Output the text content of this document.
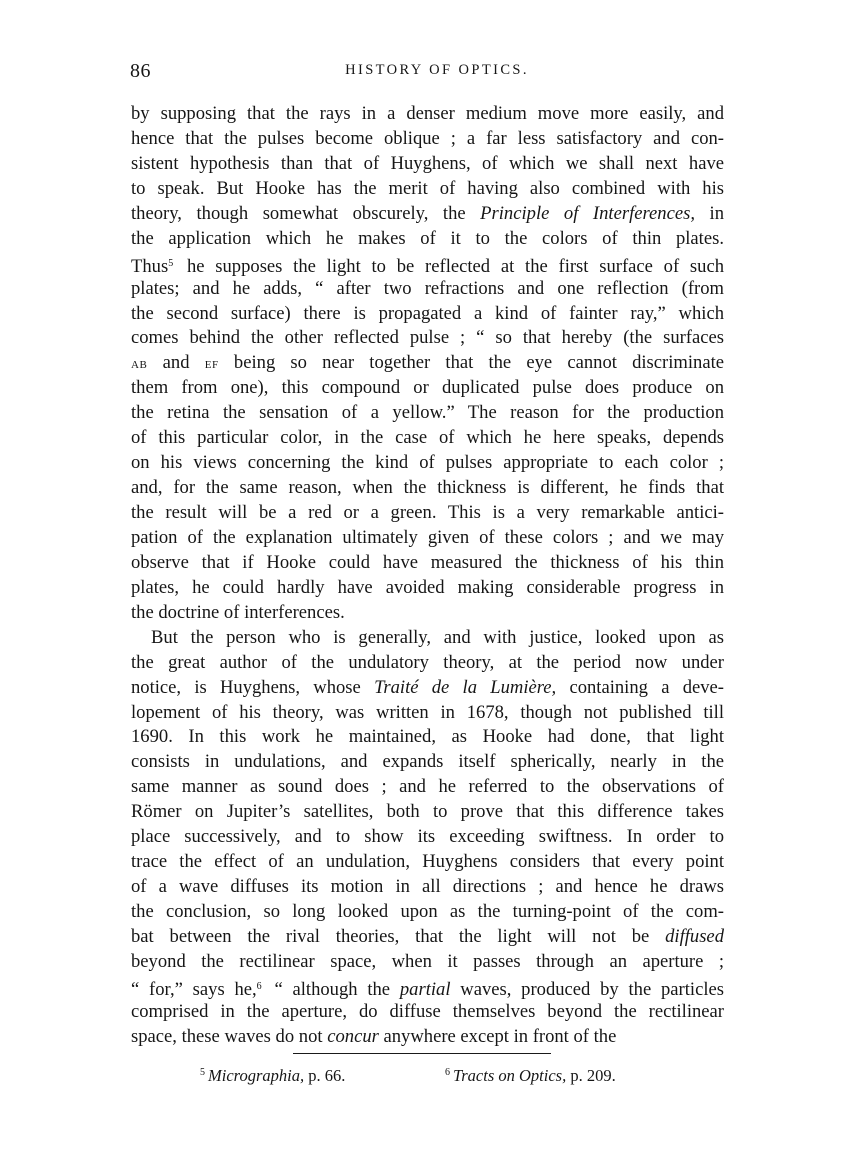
86	HISTORY OF OPTICS.
by supposing that the rays in a denser medium move more easily, and
hence that the pulses become oblique ; a far less satisfactory and con-
sistent hypothesis than that of Huyghens, of which we shall next have
to speak. But Hooke has the merit of having also combined with his
theory, though somewhat obscurely, the Principle of Interferences, in
the application which he makes of it to the colors of thin plates.
Thus$^5$ he supposes the light to be reflected at the first surface of such
plates; and he adds, “ after two refractions and one reflection (from
the second surface) there is propagated a kind of fainter ray,” which
comes behind the other reflected pulse ; “ so that hereby (the surfaces
AB and EF being so near together that the eye cannot discriminate
them from one), this compound or duplicated pulse does produce on
the retina the sensation of a yellow.” The reason for the production
of this particular color, in the case of which he here speaks, depends
on his views concerning the kind of pulses appropriate to each color ;
and, for the same reason, when the thickness is different, he finds that
the result will be a red or a green. This is a very remarkable antici-
pation of the explanation ultimately given of these colors ; and we may
observe that if Hooke could have measured the thickness of his thin
plates, he could hardly have avoided making considerable progress in
the doctrine of interferences.
But the person who is generally, and with justice, looked upon as
the great author of the undulatory theory, at the period now under
notice, is Huyghens, whose Traité de la Lumière, containing a deve-
lopement of his theory, was written in 1678, though not published till
1690. In this work he maintained, as Hooke had done, that light
consists in undulations, and expands itself spherically, nearly in the
same manner as sound does ; and he referred to the observations of
Römer on Jupiter’s satellites, both to prove that this difference takes
place successively, and to show its exceeding swiftness. In order to
trace the effect of an undulation, Huyghens considers that every point
of a wave diffuses its motion in all directions ; and hence he draws
the conclusion, so long looked upon as the turning-point of the com-
bat between the rival theories, that the light will not be diffused
beyond the rectilinear space, when it passes through an aperture ;
“ for,” says he,$^6$ “ although the partial waves, produced by the particles
comprised in the aperture, do diffuse themselves beyond the rectilinear
space, these waves do not concur anywhere except in front of the
$^5$ Micrographia, p. 66.	$^6$ Tracts on Optics, p. 209.
